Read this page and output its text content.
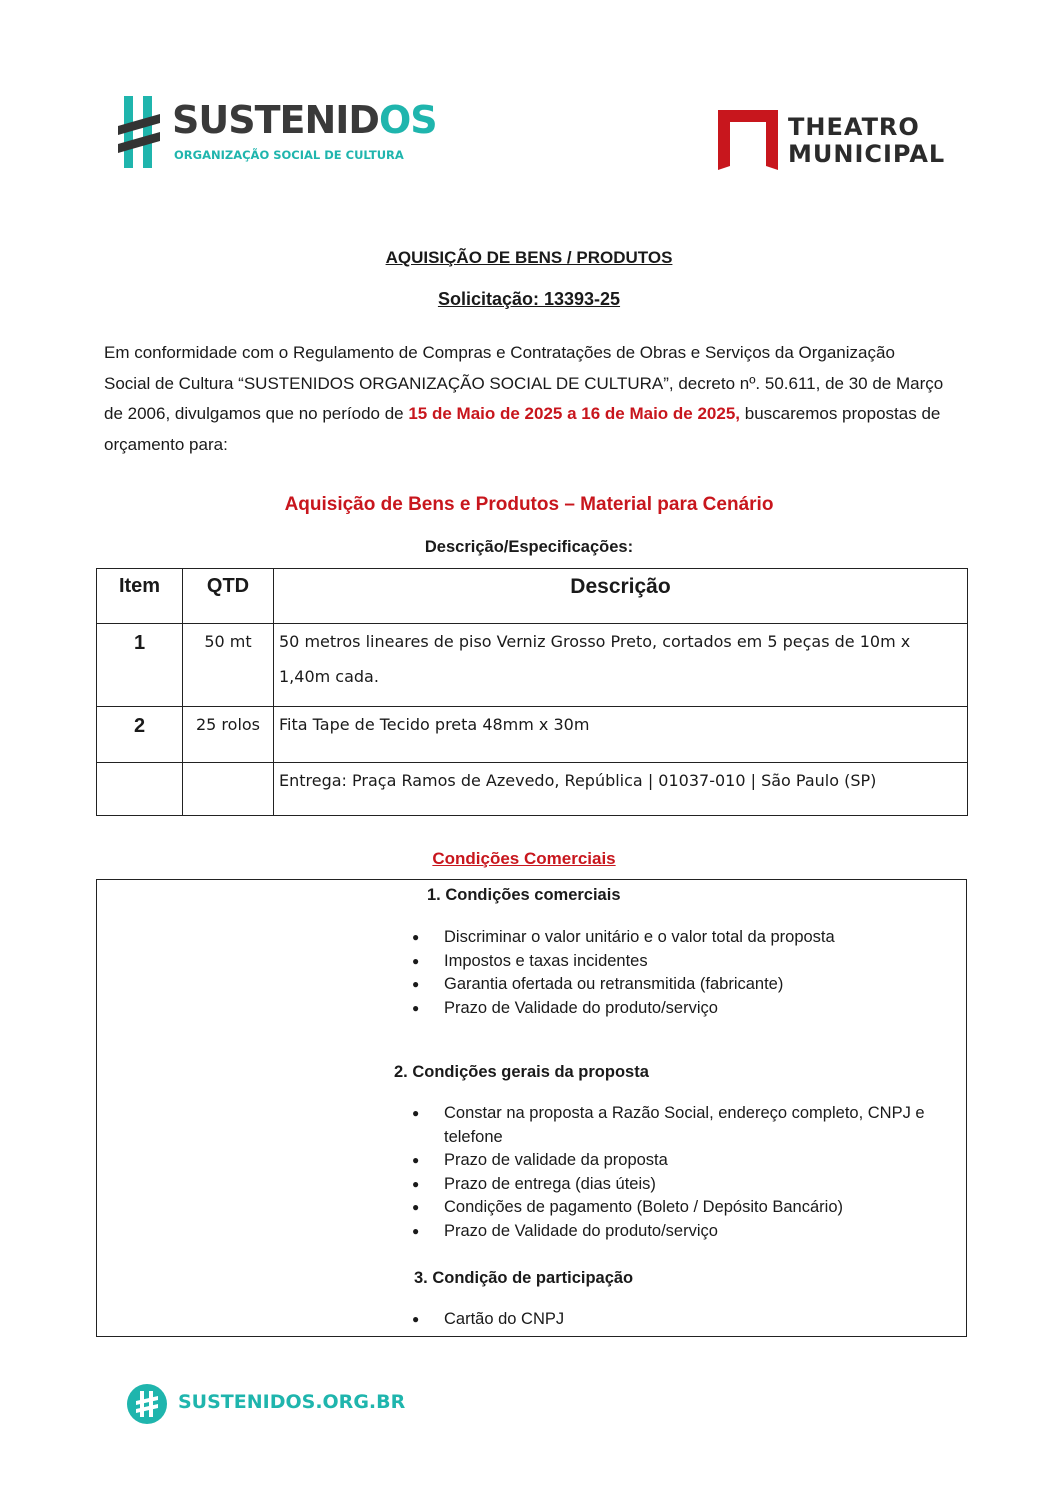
SUSTENIDOS
ORGANIZAÇÃO SOCIAL DE CULTURA
THEATRO
MUNICIPAL
AQUISIÇÃO DE BENS / PRODUTOS
Solicitação: 13393-25
Em conformidade com o Regulamento de Compras e Contratações de Obras e Serviços da Organização Social de Cultura “SUSTENIDOS ORGANIZAÇÃO SOCIAL DE CULTURA”, decreto nº. 50.611, de 30 de Março de 2006, divulgamos que no período de 15 de Maio de 2025 a 16 de Maio de 2025, buscaremos propostas de orçamento para:
Aquisição de Bens e Produtos – Material para Cenário
Descrição/Especificações:
Item	QTD	Descrição
1	50 mt	50 metros lineares de piso Verniz Grosso Preto, cortados em 5 peças de 10m x 1,40m cada.
2	25 rolos	Fita Tape de Tecido preta 48mm x 30m
		Entrega: Praça Ramos de Azevedo, República | 01037-010 | São Paulo (SP)
Condições Comerciais
1. Condições comerciais
● Discriminar o valor unitário e o valor total da proposta
● Impostos e taxas incidentes
● Garantia ofertada ou retransmitida (fabricante)
● Prazo de Validade do produto/serviço
2. Condições gerais da proposta
● Constar na proposta a Razão Social, endereço completo, CNPJ e telefone
● Prazo de validade da proposta
● Prazo de entrega (dias úteis)
● Condições de pagamento (Boleto / Depósito Bancário)
● Prazo de Validade do produto/serviço
3. Condição de participação
● Cartão do CNPJ
SUSTENIDOS.ORG.BR
